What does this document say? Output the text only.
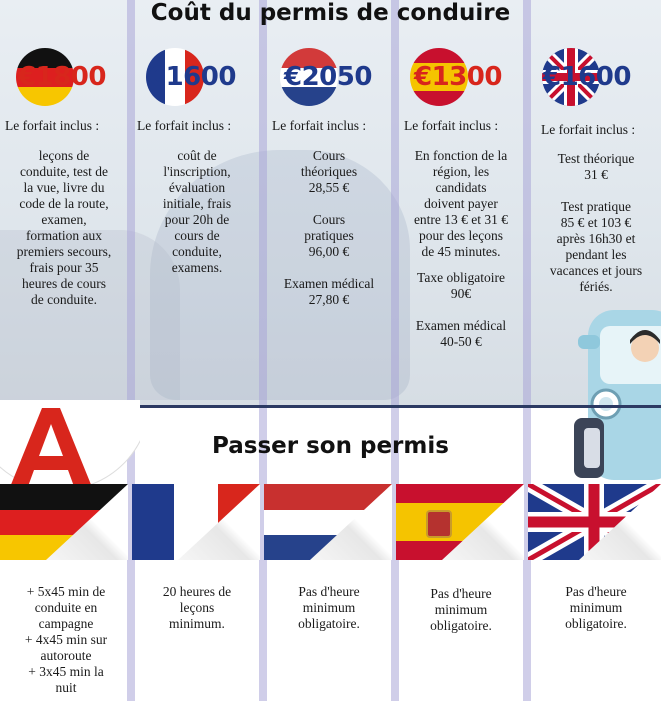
Coût du permis de conduire
€1800 €1600 €2050 €1300 €1600
Le forfait inclus :	Le forfait inclus :	Le forfait inclus :	Le forfait inclus :	Le forfait inclus :
leçons de
conduite, test de
la vue, livre du
code de la route,
examen,
formation aux
premiers secours,
frais pour 35
heures de cours
de conduite.
coût de
l'inscription,
évaluation
initiale, frais
pour 20h de
cours de
conduite,
examens.
Cours
théoriques
28,55 €
Cours
pratiques
96,00 €
Examen médical
27,80 €
En fonction de la
région, les
candidats
doivent payer
entre 13 € et 31 €
pour des leçons
de 45 minutes.
Taxe obligatoire
90€
Examen médical
40-50 €
Test théorique
31 €
Test pratique
85 € et 103 €
après 16h30 et
pendant les
vacances et jours
fériés.
Passer son permis
+ 5x45 min de
conduite en
campagne
+ 4x45 min sur
autoroute
+ 3x45 min la
nuit
20 heures de
leçons
minimum.
Pas d'heure
minimum
obligatoire.
Pas d'heure
minimum
obligatoire.
Pas d'heure
minimum
obligatoire.
